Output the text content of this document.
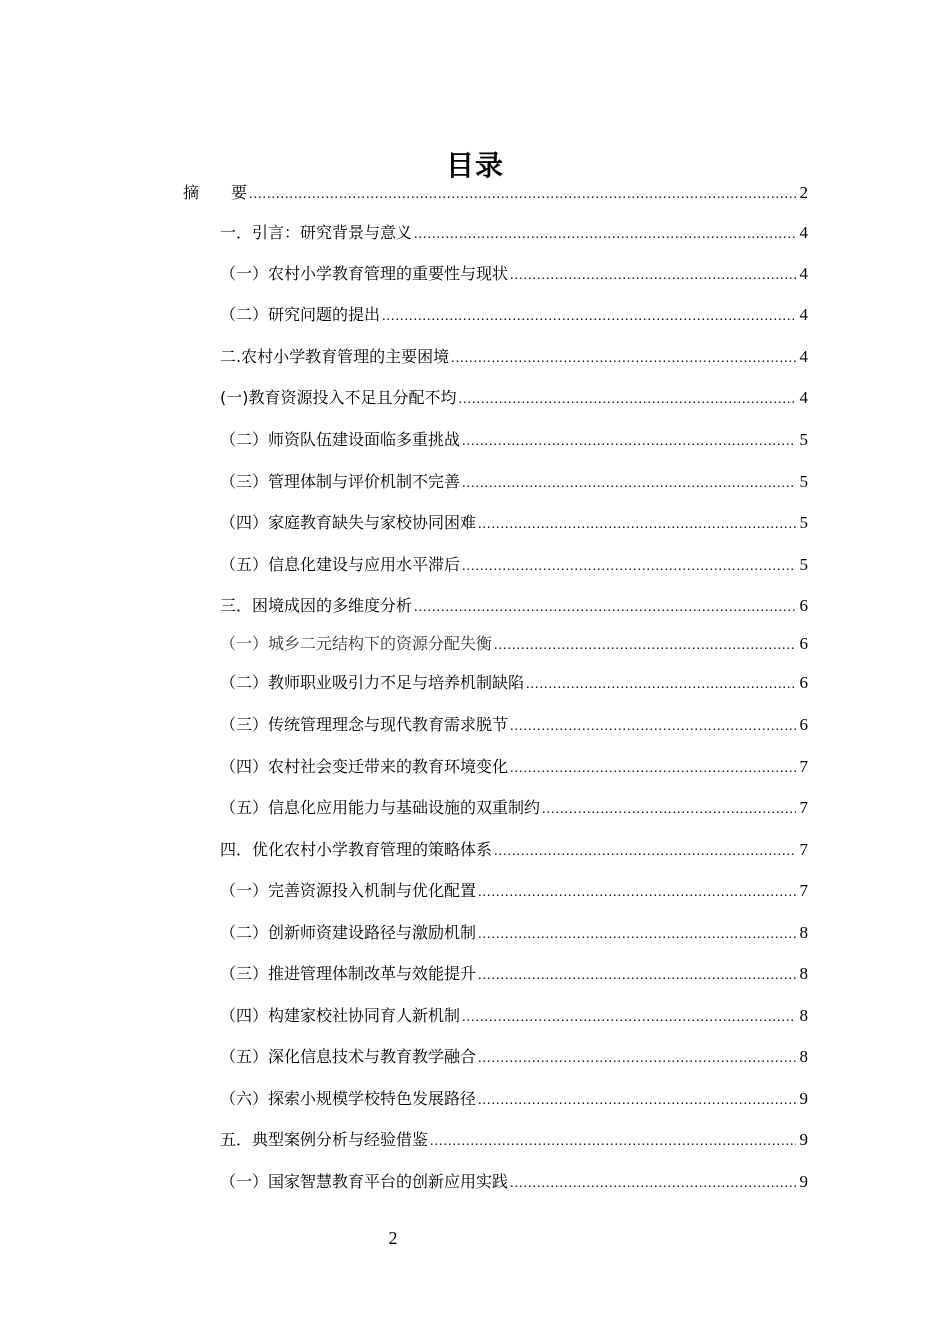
目录
摘　　要 .....	2
一．引言：研究背景与意义 .....	4
（一）农村小学教育管理的重要性与现状 .....	4
（二）研究问题的提出 .....	4
二.农村小学教育管理的主要困境 .....	4
(一)教育资源投入不足且分配不均 .....	4
（二）师资队伍建设面临多重挑战 .....	5
（三）管理体制与评价机制不完善 .....	5
（四）家庭教育缺失与家校协同困难 .....	5
（五）信息化建设与应用水平滞后 .....	5
三．困境成因的多维度分析 .....	6
（一）城乡二元结构下的资源分配失衡 .....	6
（二）教师职业吸引力不足与培养机制缺陷 .....	6
（三）传统管理理念与现代教育需求脱节 .....	6
（四）农村社会变迁带来的教育环境变化 .....	7
（五）信息化应用能力与基础设施的双重制约 .....	7
四．优化农村小学教育管理的策略体系 .....	7
（一）完善资源投入机制与优化配置 .....	7
（二）创新师资建设路径与激励机制 .....	8
（三）推进管理体制改革与效能提升 .....	8
（四）构建家校社协同育人新机制 .....	8
（五）深化信息技术与教育教学融合 .....	8
（六）探索小规模学校特色发展路径 .....	9
五．典型案例分析与经验借鉴 .....	9
（一）国家智慧教育平台的创新应用实践 .....	9
2
